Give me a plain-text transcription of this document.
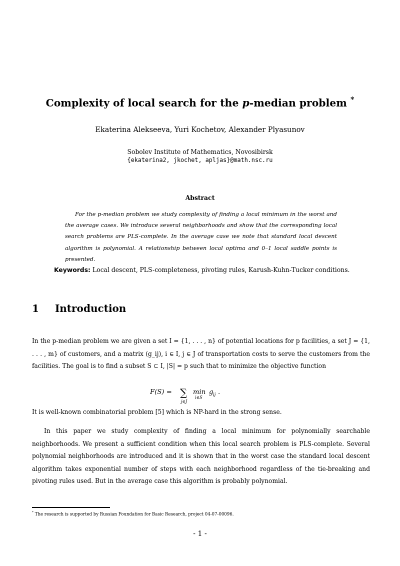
Complexity of local search for the p-median problem *
Ekaterina Alekseeva, Yuri Kochetov, Alexander Plyasunov
Sobolev Institute of Mathematics, Novosibirsk
{ekaterina2, jkochet, apljas}@math.nsc.ru
Abstract
For the p-median problem we study complexity of finding a local minimum in the worst and the average cases. We introduce several neighborhoods and show that the corresponding local search problems are PLS-complete. In the average case we note that standard local descent algorithm is polynomial. A relationship between local optima and 0–1 local saddle points is presented.
Keywords: Local descent, PLS-completeness, pivoting rules, Karush-Kuhn-Tucker conditions.
1 Introduction
In the p-median problem we are given a set I = {1, . . . , n} of potential locations for p facilities, a set J = {1, . . . , m} of customers, and a matrix (g_ij), i ∈ I, j ∈ J of transportation costs to serve the customers from the facilities. The goal is to find a subset S ⊂ I, |S| = p such that to minimize the objective function
F(S) = ∑
j∈J
min
i∈S
g ij .
It is well-known combinatorial problem [5] which is NP-hard in the strong sense.
In this paper we study complexity of finding a local minimum for polynomially searchable neighborhoods. We present a sufficient condition when this local search problem is PLS-complete. Several polynomial neighborhoods are introduced and it is shown that in the worst case the standard local descent algorithm takes exponential number of steps with each neighborhood regardless of the tie-breaking and pivoting rules used. But in the average case this algorithm is probably polynomial.
* The research is supported by Russian Foundation for Basic Research, project 04-07-00096.
- 1 -
